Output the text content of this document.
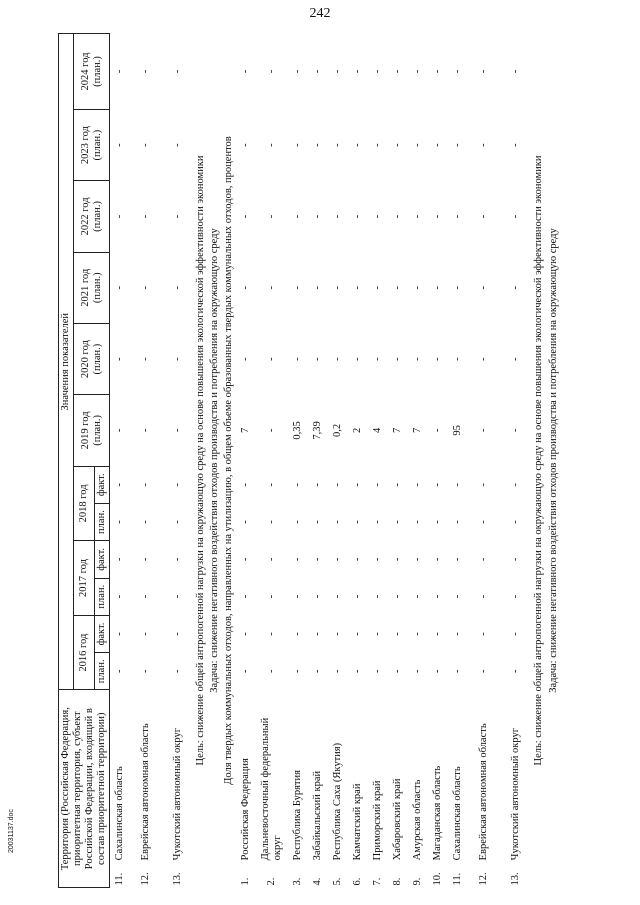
242
20031137.doc	Территория (Российская Федерация, приоритетная территория, субъект Российской Федерации, входящий в состав приоритетной территории)		Значения показателей											
		2016 год		2017 год		2018 год		2019 год (план.)	2020 год (план.)	2021 год (план.)	2022 год (план.)	2023 год (план.)	2024 год (план.)
		план.	факт.	план.	факт.	план.	факт.						
11.	Сахалинская область	-	-	-	-	-	-	-	-	-	-	-	-
12.	Еврейская автономная область	-	-	-	-	-	-	-	-	-	-	-	-
13.	Чукотский автономный округ	-	-	-	-	-	-	-	-	-	-	-	-
Цель: снижение общей антропогенной нагрузки на окружающую среду на основе повышения экологической эффективности экономики													
Задача: снижение негативного воздействия отходов производства и потребления на окружающую среду													
Доля твердых коммунальных отходов, направленных на утилизацию, в общем объеме образованных твердых коммунальных отходов, процентов													
1.	Российская Федерация	-	-	-	-	-	-	7	-	-	-	-	-
2.	Дальневосточный федеральный округ	-	-	-	-	-	-	-	-	-	-	-	-
3.	Республика Бурятия	-	-	-	-	-	-	0,35	-	-	-	-	-
4.	Забайкальский край	-	-	-	-	-	-	7,39	-	-	-	-	-
5.	Республика Саха (Якутия)	-	-	-	-	-	-	0,2	-	-	-	-	-
6.	Камчатский край	-	-	-	-	-	-	2	-	-	-	-	-
7.	Приморский край	-	-	-	-	-	-	4	-	-	-	-	-
8.	Хабаровский край	-	-	-	-	-	-	7	-	-	-	-	-
9.	Амурская область	-	-	-	-	-	-	7	-	-	-	-	-
10.	Магаданская область	-	-	-	-	-	-	-	-	-	-	-	-
11.	Сахалинская область	-	-	-	-	-	-	95	-	-	-	-	-
12.	Еврейская автономная область	-	-	-	-	-	-	-	-	-	-	-	-
13.	Чукотский автономный округ	-	-	-	-	-	-	-	-	-	-	-	-
Цель: снижение общей антропогенной нагрузки на окружающую среду на основе повышения экологической эффективности экономики													
Задача: снижение негативного воздействия отходов производства и потребления на окружающую среду													
